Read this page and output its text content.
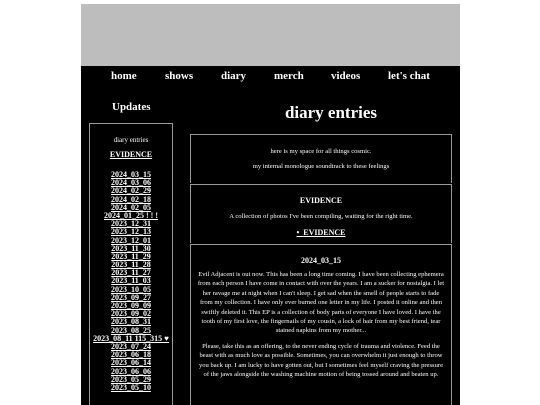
home	shows	diary	merch videos	let's chat
Updates	diary entries
diary entries
EVIDENCE
2024_03_15
2024_03_06
2024_02_29
2024_02_18
2024_02_05
2024_01_25 ! ! !
2023_12_31
2023_12_13
2023_12_01
2023_11_30
2023_11_29
2023_11_28
2023_11_27
2023_11_03
2023_10_05
2023_09_27
2023_09_09
2023_09_02
2023_08_31
2023_08_25
2023_08_11 115_315 ♥
2023_07_24
2023_06_18
2023_06_14
2023_06_06
2023_05_29
2023_05_10

here is my space for all things cosmic.

my internal monologue soundtrack to these feelings

EVIDENCE

A collection of photos I've been compiling, waiting for the right time.

•  EVIDENCE
2024_03_15

Evil Adjacent is out now. This has been a long time coming. I have been collecting ephemera from each person I have come in contact with over the years. I am a sucker for nostalgia. I let her ravage me at night when I can't sleep. I get sad when the smell of people starts to fade from my collection. I have only ever burned one letter in my life. I posted it online and then swiftly deleted it. This EP is a collection of body parts of everyone I have loved. I have the tooth of my first love, the fingernails of my cousin, a lock of hair from my best friend, tear stained napkins from my mother...

Please, take this as an offering, to the never ending cycle of trauma and violence. Feed the beast with as much love as possible. Sometimes, you can overwhelm it just enough to throw you back up. I am lucky to have gotten out, but I sometimes feel myself craving the pressure of the jaws alongside the washing machine motion of being tossed around and beaten up.
